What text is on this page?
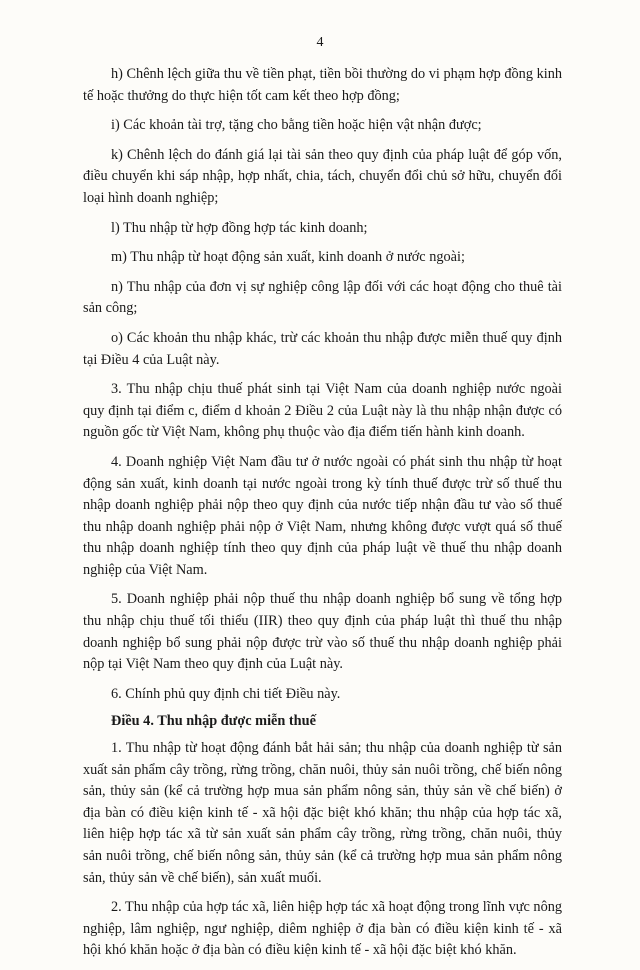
4

h) Chênh lệch giữa thu về tiền phạt, tiền bồi thường do vi phạm hợp đồng kinh tế hoặc thưởng do thực hiện tốt cam kết theo hợp đồng;

i) Các khoản tài trợ, tặng cho bằng tiền hoặc hiện vật nhận được;

k) Chênh lệch do đánh giá lại tài sản theo quy định của pháp luật để góp vốn, điều chuyển khi sáp nhập, hợp nhất, chia, tách, chuyển đổi chủ sở hữu, chuyển đổi loại hình doanh nghiệp;

l) Thu nhập từ hợp đồng hợp tác kinh doanh;

m) Thu nhập từ hoạt động sản xuất, kinh doanh ở nước ngoài;

n) Thu nhập của đơn vị sự nghiệp công lập đối với các hoạt động cho thuê tài sản công;

o) Các khoản thu nhập khác, trừ các khoản thu nhập được miễn thuế quy định tại Điều 4 của Luật này.

3. Thu nhập chịu thuế phát sinh tại Việt Nam của doanh nghiệp nước ngoài quy định tại điểm c, điểm d khoản 2 Điều 2 của Luật này là thu nhập nhận được có nguồn gốc từ Việt Nam, không phụ thuộc vào địa điểm tiến hành kinh doanh.

4. Doanh nghiệp Việt Nam đầu tư ở nước ngoài có phát sinh thu nhập từ hoạt động sản xuất, kinh doanh tại nước ngoài trong kỳ tính thuế được trừ số thuế thu nhập doanh nghiệp phải nộp theo quy định của nước tiếp nhận đầu tư vào số thuế thu nhập doanh nghiệp phải nộp ở Việt Nam, nhưng không được vượt quá số thuế thu nhập doanh nghiệp tính theo quy định của pháp luật về thuế thu nhập doanh nghiệp của Việt Nam.

5. Doanh nghiệp phải nộp thuế thu nhập doanh nghiệp bổ sung về tổng hợp thu nhập chịu thuế tối thiểu (IIR) theo quy định của pháp luật thì thuế thu nhập doanh nghiệp bổ sung phải nộp được trừ vào số thuế thu nhập doanh nghiệp phải nộp tại Việt Nam theo quy định của Luật này.

6. Chính phủ quy định chi tiết Điều này.

Điều 4. Thu nhập được miễn thuế

1. Thu nhập từ hoạt động đánh bắt hải sản; thu nhập của doanh nghiệp từ sản xuất sản phẩm cây trồng, rừng trồng, chăn nuôi, thủy sản nuôi trồng, chế biến nông sản, thủy sản (kể cả trường hợp mua sản phẩm nông sản, thủy sản về chế biến) ở địa bàn có điều kiện kinh tế - xã hội đặc biệt khó khăn; thu nhập của hợp tác xã, liên hiệp hợp tác xã từ sản xuất sản phẩm cây trồng, rừng trồng, chăn nuôi, thủy sản nuôi trồng, chế biến nông sản, thủy sản (kể cả trường hợp mua sản phẩm nông sản, thủy sản về chế biến), sản xuất muối.

2. Thu nhập của hợp tác xã, liên hiệp hợp tác xã hoạt động trong lĩnh vực nông nghiệp, lâm nghiệp, ngư nghiệp, diêm nghiệp ở địa bàn có điều kiện kinh tế - xã hội khó khăn hoặc ở địa bàn có điều kiện kinh tế - xã hội đặc biệt khó khăn.
